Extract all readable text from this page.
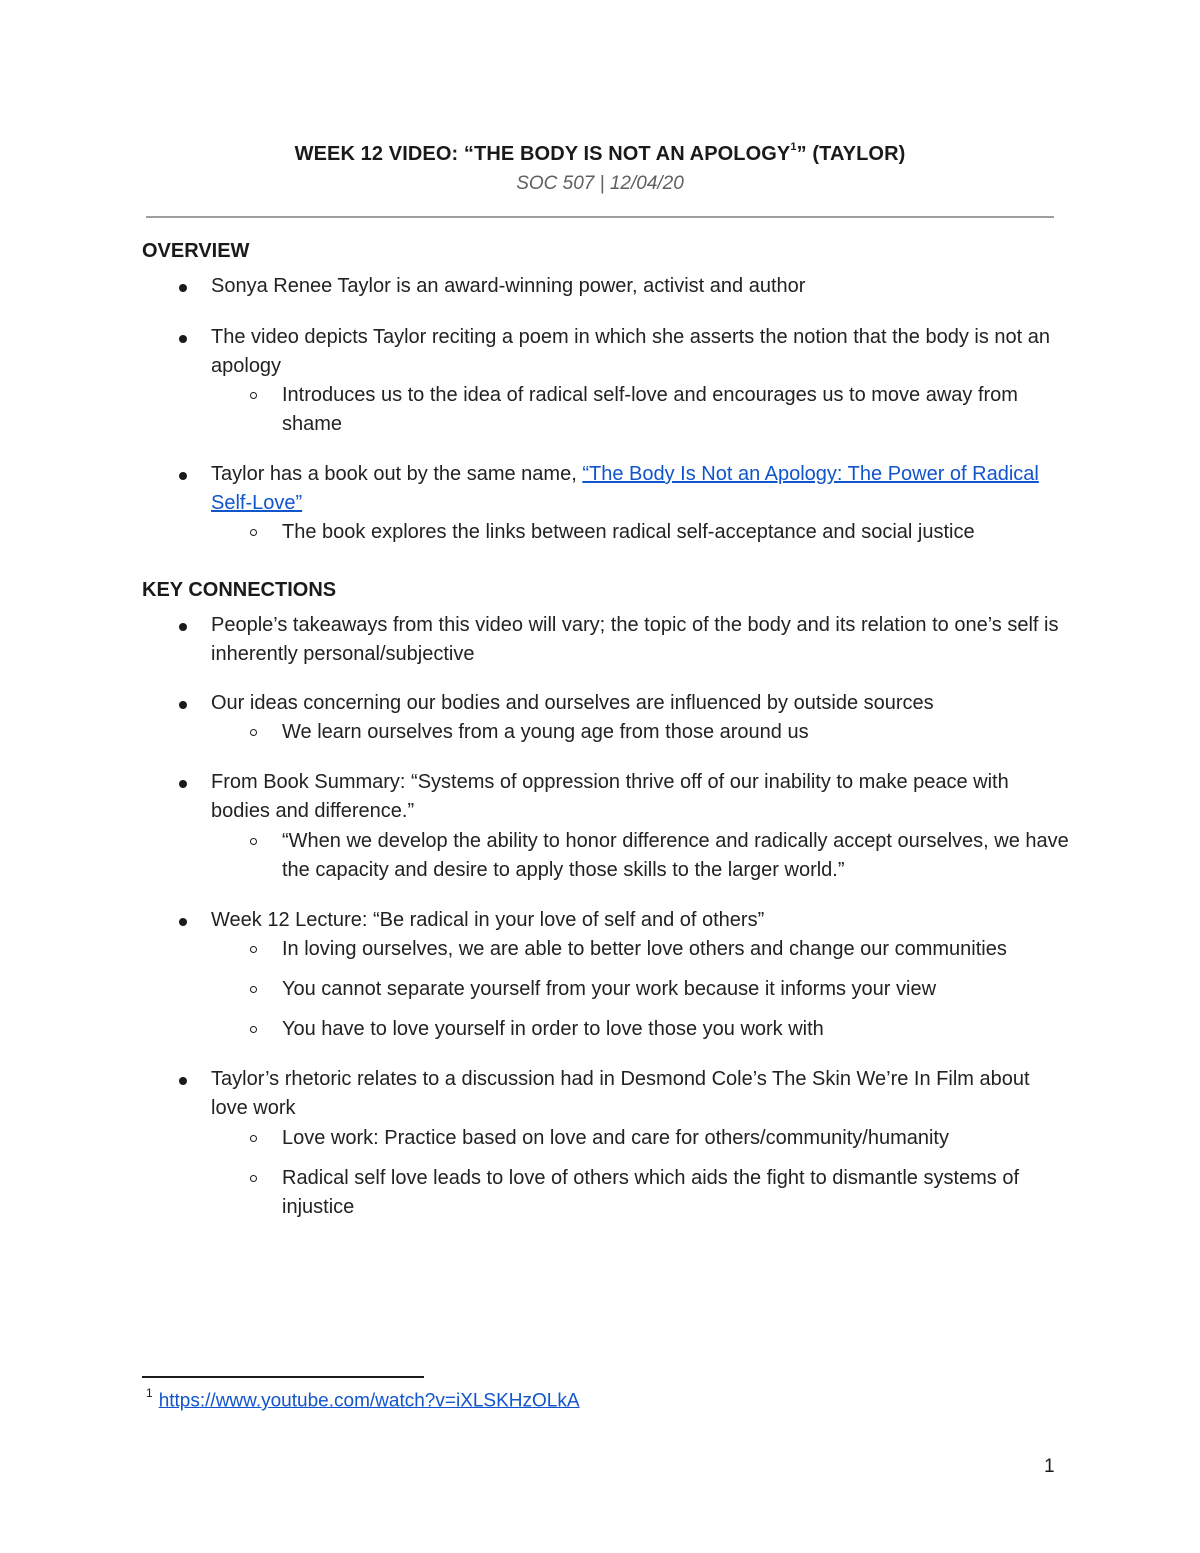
WEEK 12 VIDEO: “THE BODY IS NOT AN APOLOGY$^1$” (TAYLOR)
SOC 507 | 12/04/20
OVERVIEW
Sonya Renee Taylor is an award-winning power, activist and author
The video depicts Taylor reciting a poem in which she asserts the notion that the body is not an apology
Introduces us to the idea of radical self-love and encourages us to move away from shame
Taylor has a book out by the same name, “The Body Is Not an Apology: The Power of Radical Self-Love”
The book explores the links between radical self-acceptance and social justice
KEY CONNECTIONS
People’s takeaways from this video will vary; the topic of the body and its relation to one’s self is inherently personal/subjective
Our ideas concerning our bodies and ourselves are influenced by outside sources
We learn ourselves from a young age from those around us
From Book Summary: “Systems of oppression thrive off of our inability to make peace with bodies and difference.”
“When we develop the ability to honor difference and radically accept ourselves, we have the capacity and desire to apply those skills to the larger world.”
Week 12 Lecture: “Be radical in your love of self and of others”
In loving ourselves, we are able to better love others and change our communities
You cannot separate yourself from your work because it informs your view
You have to love yourself in order to love those you work with
Taylor’s rhetoric relates to a discussion had in Desmond Cole’s The Skin We’re In Film about love work
Love work: Practice based on love and care for others/community/humanity
Radical self love leads to love of others which aids the fight to dismantle systems of injustice
$^1$ https://www.youtube.com/watch?v=iXLSKHzOLkA
1
